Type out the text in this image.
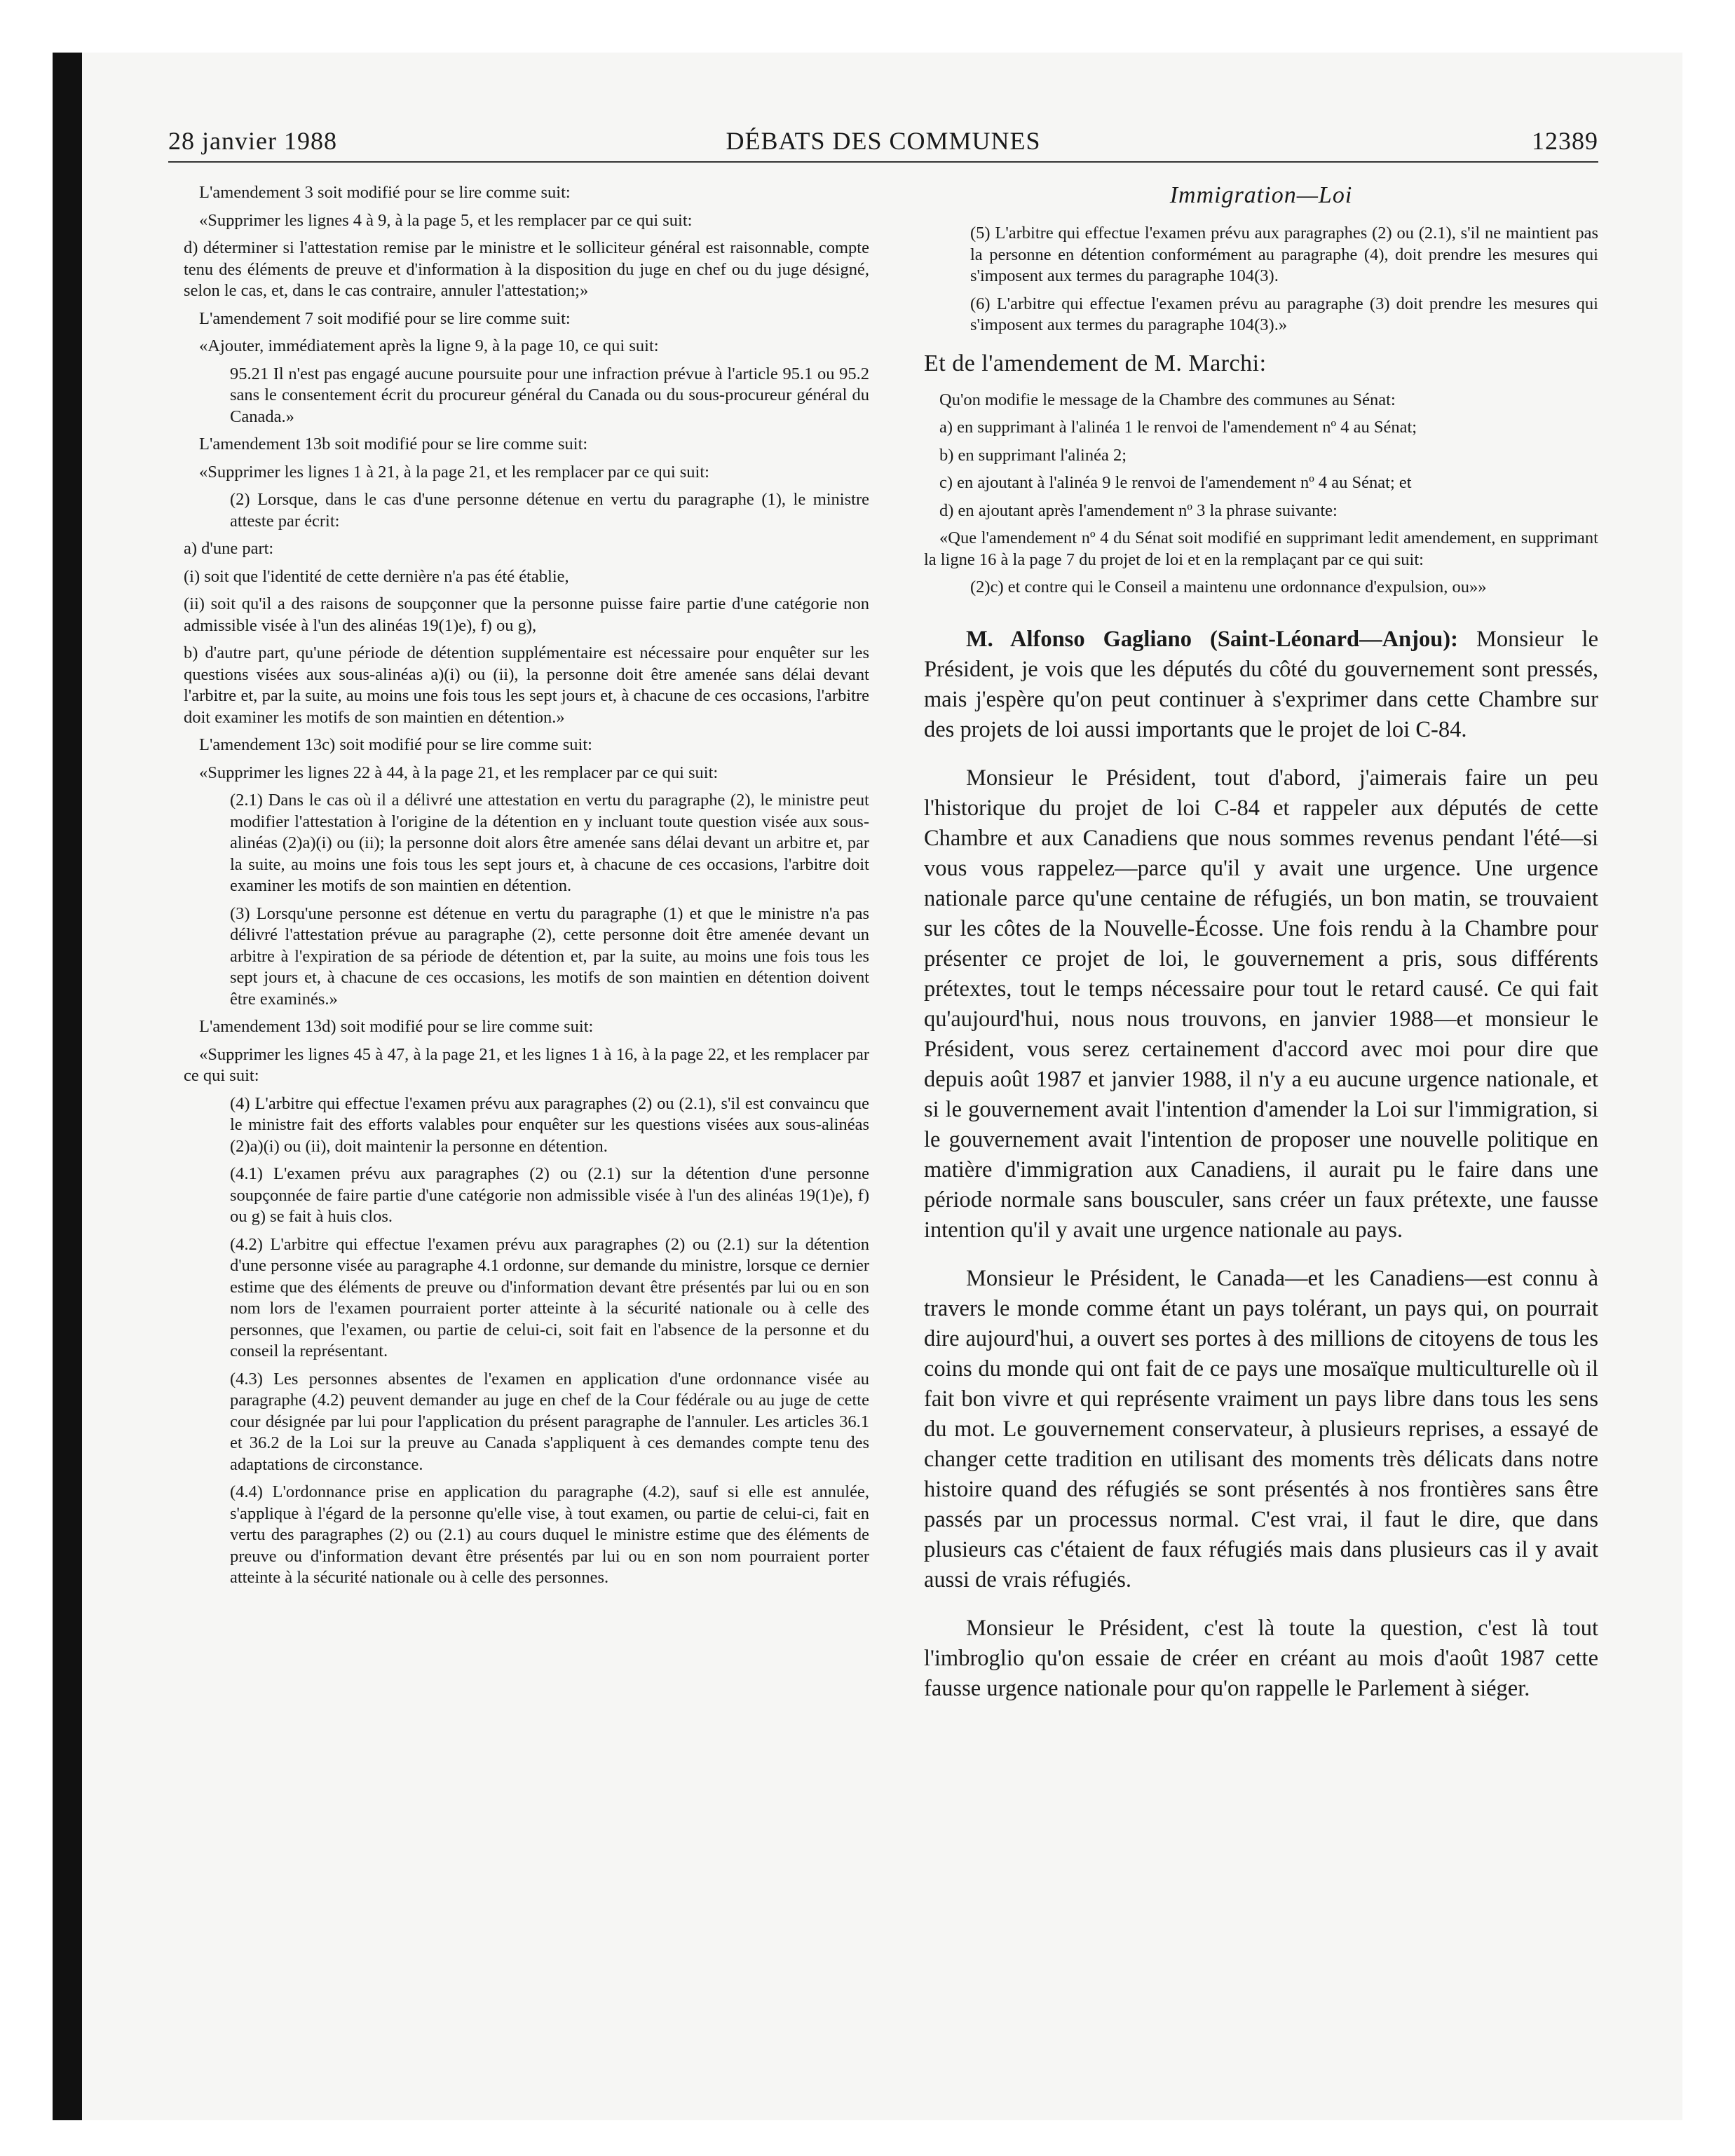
28 janvier 1988	DÉBATS DES COMMUNES	12389

L'amendement 3 soit modifié pour se lire comme suit:

«Supprimer les lignes 4 à 9, à la page 5, et les remplacer par ce qui suit:

d) déterminer si l'attestation remise par le ministre et le solliciteur général est raisonnable, compte tenu des éléments de preuve et d'information à la disposition du juge en chef ou du juge désigné, selon le cas, et, dans le cas contraire, annuler l'attestation;»

L'amendement 7 soit modifié pour se lire comme suit:

«Ajouter, immédiatement après la ligne 9, à la page 10, ce qui suit:

95.21 Il n'est pas engagé aucune poursuite pour une infraction prévue à l'article 95.1 ou 95.2 sans le consentement écrit du procureur général du Canada ou du sous-procureur général du Canada.»

L'amendement 13b soit modifié pour se lire comme suit:

«Supprimer les lignes 1 à 21, à la page 21, et les remplacer par ce qui suit:

(2) Lorsque, dans le cas d'une personne détenue en vertu du paragraphe (1), le ministre atteste par écrit:

a) d'une part:

(i) soit que l'identité de cette dernière n'a pas été établie,

(ii) soit qu'il a des raisons de soupçonner que la personne puisse faire partie d'une catégorie non admissible visée à l'un des alinéas 19(1)e), f) ou g),

b) d'autre part, qu'une période de détention supplémentaire est nécessaire pour enquêter sur les questions visées aux sous-alinéas a)(i) ou (ii), la personne doit être amenée sans délai devant l'arbitre et, par la suite, au moins une fois tous les sept jours et, à chacune de ces occasions, l'arbitre doit examiner les motifs de son maintien en détention.»

L'amendement 13c) soit modifié pour se lire comme suit:

«Supprimer les lignes 22 à 44, à la page 21, et les remplacer par ce qui suit:

(2.1) Dans le cas où il a délivré une attestation en vertu du paragraphe (2), le ministre peut modifier l'attestation à l'origine de la détention en y incluant toute question visée aux sous-alinéas (2)a)(i) ou (ii); la personne doit alors être amenée sans délai devant un arbitre et, par la suite, au moins une fois tous les sept jours et, à chacune de ces occasions, l'arbitre doit examiner les motifs de son maintien en détention.

(3) Lorsqu'une personne est détenue en vertu du paragraphe (1) et que le ministre n'a pas délivré l'attestation prévue au paragraphe (2), cette personne doit être amenée devant un arbitre à l'expiration de sa période de détention et, par la suite, au moins une fois tous les sept jours et, à chacune de ces occasions, les motifs de son maintien en détention doivent être examinés.»

L'amendement 13d) soit modifié pour se lire comme suit:

«Supprimer les lignes 45 à 47, à la page 21, et les lignes 1 à 16, à la page 22, et les remplacer par ce qui suit:

(4) L'arbitre qui effectue l'examen prévu aux paragraphes (2) ou (2.1), s'il est convaincu que le ministre fait des efforts valables pour enquêter sur les questions visées aux sous-alinéas (2)a)(i) ou (ii), doit maintenir la personne en détention.

(4.1) L'examen prévu aux paragraphes (2) ou (2.1) sur la détention d'une personne soupçonnée de faire partie d'une catégorie non admissible visée à l'un des alinéas 19(1)e), f) ou g) se fait à huis clos.

(4.2) L'arbitre qui effectue l'examen prévu aux paragraphes (2) ou (2.1) sur la détention d'une personne visée au paragraphe 4.1 ordonne, sur demande du ministre, lorsque ce dernier estime que des éléments de preuve ou d'information devant être présentés par lui ou en son nom lors de l'examen pourraient porter atteinte à la sécurité nationale ou à celle des personnes, que l'examen, ou partie de celui-ci, soit fait en l'absence de la personne et du conseil la représentant.

(4.3) Les personnes absentes de l'examen en application d'une ordonnance visée au paragraphe (4.2) peuvent demander au juge en chef de la Cour fédérale ou au juge de cette cour désignée par lui pour l'application du présent paragraphe de l'annuler. Les articles 36.1 et 36.2 de la Loi sur la preuve au Canada s'appliquent à ces demandes compte tenu des adaptations de circonstance.

(4.4) L'ordonnance prise en application du paragraphe (4.2), sauf si elle est annulée, s'applique à l'égard de la personne qu'elle vise, à tout examen, ou partie de celui-ci, fait en vertu des paragraphes (2) ou (2.1) au cours duquel le ministre estime que des éléments de preuve ou d'information devant être présentés par lui ou en son nom pourraient porter atteinte à la sécurité nationale ou à celle des personnes.

Immigration—Loi

(5) L'arbitre qui effectue l'examen prévu aux paragraphes (2) ou (2.1), s'il ne maintient pas la personne en détention conformément au paragraphe (4), doit prendre les mesures qui s'imposent aux termes du paragraphe 104(3).

(6) L'arbitre qui effectue l'examen prévu au paragraphe (3) doit prendre les mesures qui s'imposent aux termes du paragraphe 104(3).»

Et de l'amendement de M. Marchi:

Qu'on modifie le message de la Chambre des communes au Sénat:

a) en supprimant à l'alinéa 1 le renvoi de l'amendement nº 4 au Sénat;

b) en supprimant l'alinéa 2;

c) en ajoutant à l'alinéa 9 le renvoi de l'amendement nº 4 au Sénat; et

d) en ajoutant après l'amendement nº 3 la phrase suivante:

«Que l'amendement nº 4 du Sénat soit modifié en supprimant ledit amendement, en supprimant la ligne 16 à la page 7 du projet de loi et en la remplaçant par ce qui suit:

(2)c) et contre qui le Conseil a maintenu une ordonnance d'expulsion, ou»»

M. Alfonso Gagliano (Saint-Léonard—Anjou): Monsieur le Président, je vois que les députés du côté du gouvernement sont pressés, mais j'espère qu'on peut continuer à s'exprimer dans cette Chambre sur des projets de loi aussi importants que le projet de loi C-84.

Monsieur le Président, tout d'abord, j'aimerais faire un peu l'historique du projet de loi C-84 et rappeler aux députés de cette Chambre et aux Canadiens que nous sommes revenus pendant l'été—si vous vous rappelez—parce qu'il y avait une urgence. Une urgence nationale parce qu'une centaine de réfugiés, un bon matin, se trouvaient sur les côtes de la Nouvelle-Écosse. Une fois rendu à la Chambre pour présenter ce projet de loi, le gouvernement a pris, sous différents prétextes, tout le temps nécessaire pour tout le retard causé. Ce qui fait qu'aujourd'hui, nous nous trouvons, en janvier 1988—et monsieur le Président, vous serez certainement d'accord avec moi pour dire que depuis août 1987 et janvier 1988, il n'y a eu aucune urgence nationale, et si le gouvernement avait l'intention d'amender la Loi sur l'immigration, si le gouvernement avait l'intention de proposer une nouvelle politique en matière d'immigration aux Canadiens, il aurait pu le faire dans une période normale sans bousculer, sans créer un faux prétexte, une fausse intention qu'il y avait une urgence nationale au pays.

Monsieur le Président, le Canada—et les Canadiens—est connu à travers le monde comme étant un pays tolérant, un pays qui, on pourrait dire aujourd'hui, a ouvert ses portes à des millions de citoyens de tous les coins du monde qui ont fait de ce pays une mosaïque multiculturelle où il fait bon vivre et qui représente vraiment un pays libre dans tous les sens du mot. Le gouvernement conservateur, à plusieurs reprises, a essayé de changer cette tradition en utilisant des moments très délicats dans notre histoire quand des réfugiés se sont présentés à nos frontières sans être passés par un processus normal. C'est vrai, il faut le dire, que dans plusieurs cas c'étaient de faux réfugiés mais dans plusieurs cas il y avait aussi de vrais réfugiés.

Monsieur le Président, c'est là toute la question, c'est là tout l'imbroglio qu'on essaie de créer en créant au mois d'août 1987 cette fausse urgence nationale pour qu'on rappelle le Parlement à siéger.
